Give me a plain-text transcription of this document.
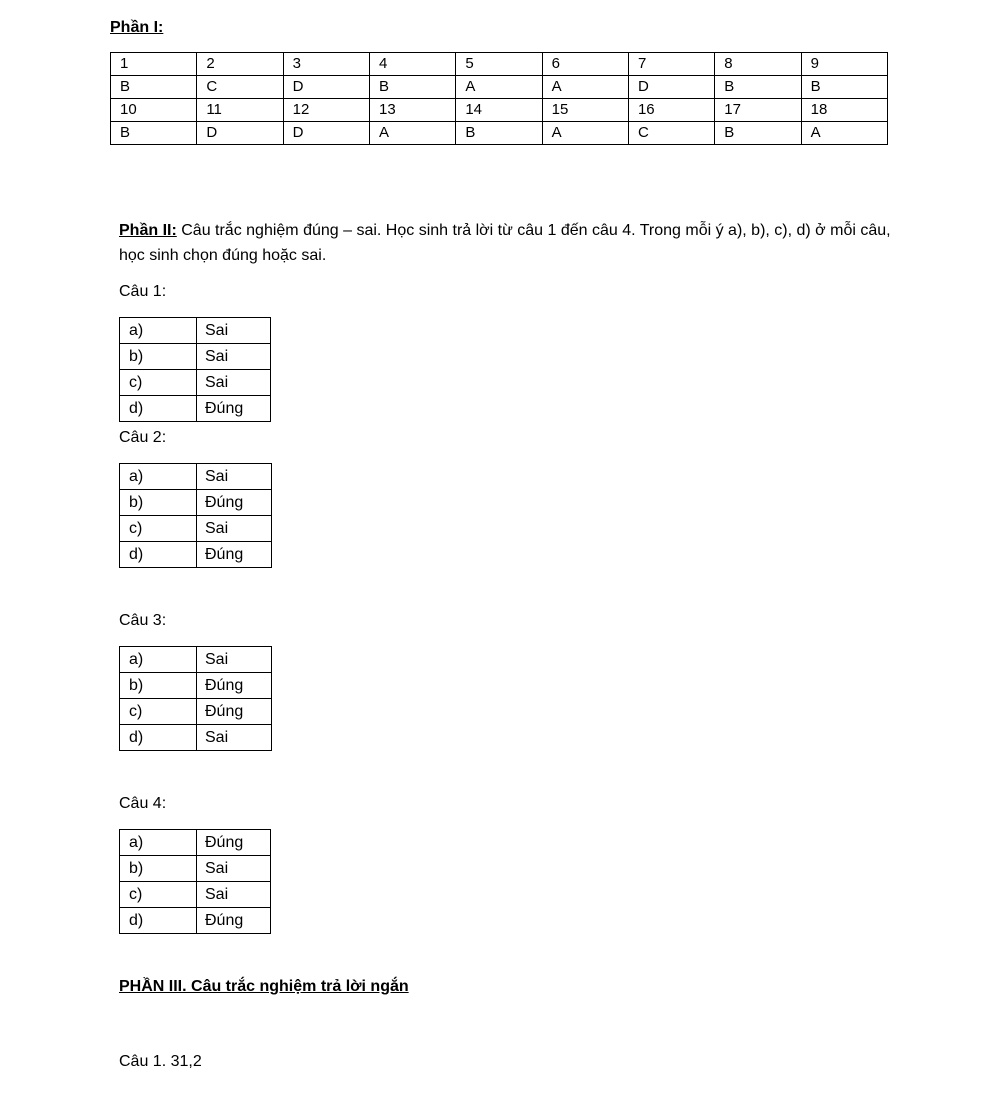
Phần I:
1	2	3	4	5	6	7	8	9
B	C	D	B	A	A	D	B	B
10	11	12	13	14	15	16	17	18
B	D	D	A	B	A	C	B	A
Phần II: Câu trắc nghiệm đúng – sai. Học sinh trả lời từ câu 1 đến câu 4. Trong mỗi ý a), b), c), d) ở mỗi câu, học sinh chọn đúng hoặc sai.
Câu 1:
a)	Sai
b)	Sai
c)	Sai
d)	Đúng
Câu 2:
a)	Sai
b)	Đúng
c)	Sai
d)	Đúng
Câu 3:
a)	Sai
b)	Đúng
c)	Đúng
d)	Sai
Câu 4:
a)	Đúng
b)	Sai
c)	Sai
d)	Đúng
PHẦN III. Câu trắc nghiệm trả lời ngắn
Câu 1. 31,2
